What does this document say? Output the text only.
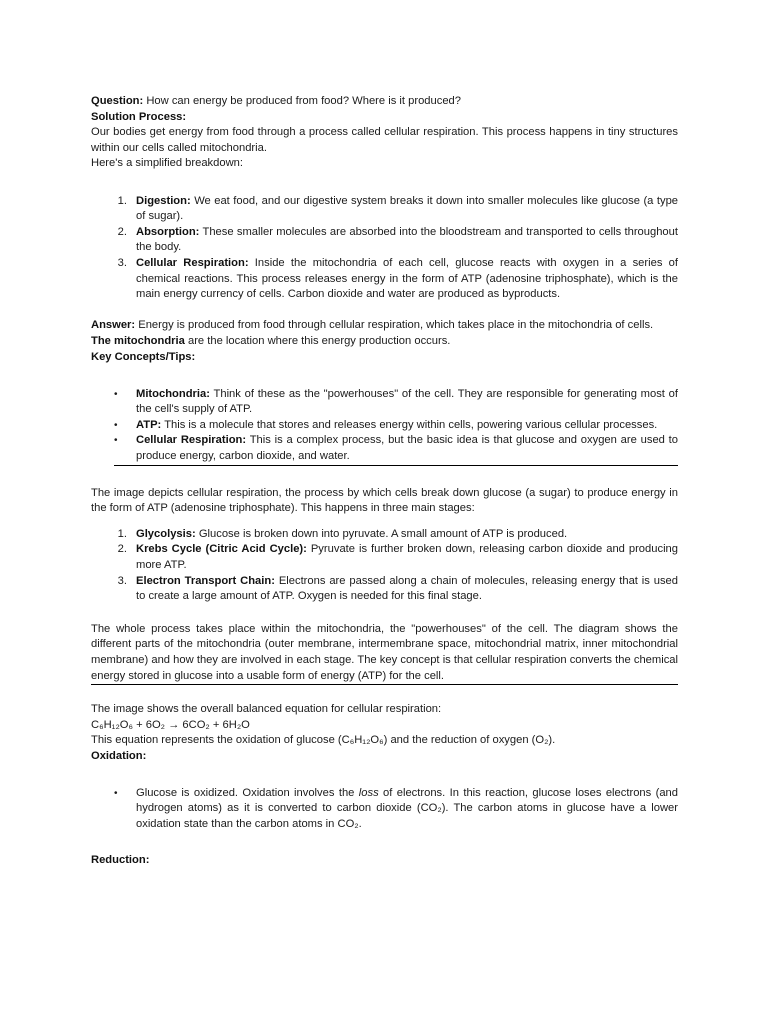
Question: How can energy be produced from food? Where is it produced?

Solution Process:

Our bodies get energy from food through a process called cellular respiration. This process happens in tiny structures within our cells called mitochondria.

Here's a simplified breakdown:

1. Digestion: We eat food, and our digestive system breaks it down into smaller molecules like glucose (a type of sugar).
2. Absorption: These smaller molecules are absorbed into the bloodstream and transported to cells throughout the body.
3. Cellular Respiration: Inside the mitochondria of each cell, glucose reacts with oxygen in a series of chemical reactions. This process releases energy in the form of ATP (adenosine triphosphate), which is the main energy currency of cells. Carbon dioxide and water are produced as byproducts.

Answer: Energy is produced from food through cellular respiration, which takes place in the mitochondria of cells.

The mitochondria are the location where this energy production occurs.

Key Concepts/Tips:

• Mitochondria: Think of these as the "powerhouses" of the cell. They are responsible for generating most of the cell's supply of ATP.
• ATP: This is a molecule that stores and releases energy within cells, powering various cellular processes.
• Cellular Respiration: This is a complex process, but the basic idea is that glucose and oxygen are used to produce energy, carbon dioxide, and water.

The image depicts cellular respiration, the process by which cells break down glucose (a sugar) to produce energy in the form of ATP (adenosine triphosphate). This happens in three main stages:

1. Glycolysis: Glucose is broken down into pyruvate. A small amount of ATP is produced.
2. Krebs Cycle (Citric Acid Cycle): Pyruvate is further broken down, releasing carbon dioxide and producing more ATP.
3. Electron Transport Chain: Electrons are passed along a chain of molecules, releasing energy that is used to create a large amount of ATP. Oxygen is needed for this final stage.

The whole process takes place within the mitochondria, the "powerhouses" of the cell. The diagram shows the different parts of the mitochondria (outer membrane, intermembrane space, mitochondrial matrix, inner mitochondrial membrane) and how they are involved in each stage. The key concept is that cellular respiration converts the chemical energy stored in glucose into a usable form of energy (ATP) for the cell.

The image shows the overall balanced equation for cellular respiration:

C₆H₁₂O₆ + 6O₂ → 6CO₂ + 6H₂O

This equation represents the oxidation of glucose (C₆H₁₂O₆) and the reduction of oxygen (O₂).

Oxidation:

• Glucose is oxidized. Oxidation involves the loss of electrons. In this reaction, glucose loses electrons (and hydrogen atoms) as it is converted to carbon dioxide (CO₂). The carbon atoms in glucose have a lower oxidation state than the carbon atoms in CO₂.

Reduction:
